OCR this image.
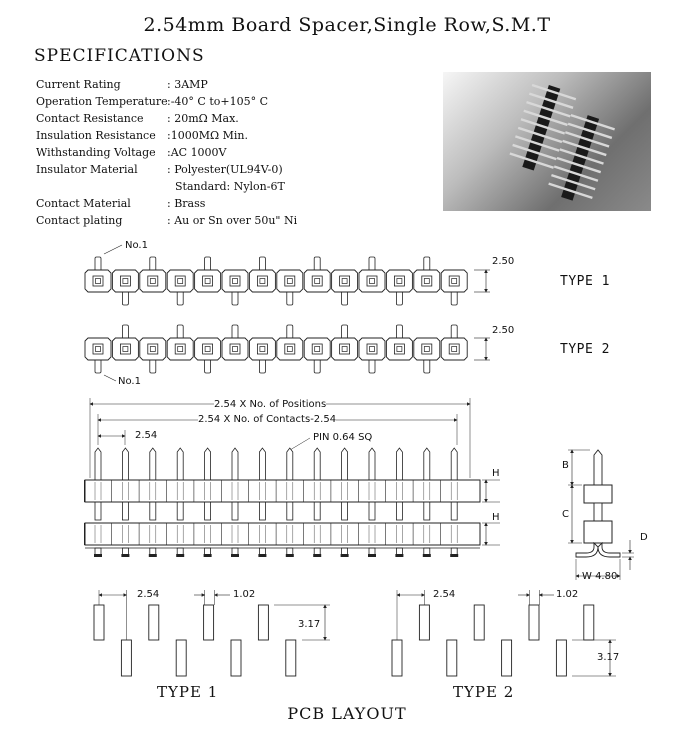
2.54mm Board Spacer,Single Row,S.M.T
SPECIFICATIONS
Current Rating	: 3AMP
Operation Temperature :-40° C to+105° C
Contact Resistance	: 20mΩ Max.
Insulation Resistance	:1000MΩ Min.
Withstanding Voltage	:AC 1000V
Insulator Material	: Polyester(UL94V-0)
Standard: Nylon-6T
Contact Material	: Brass
Contact plating	: Au or Sn over 50u" Ni
No.1
2.50
TYPE 1
2.50
TYPE 2
No.1
2.54 X No. of Positions
2.54 X No. of Contacts-2.54
2.54	PIN 0.64 SQ
H
H
B
C
D
W 4.80
2.54	1.02
3.17
2.54	1.02
3.17
TYPE 1	TYPE 2
PCB LAYOUT
